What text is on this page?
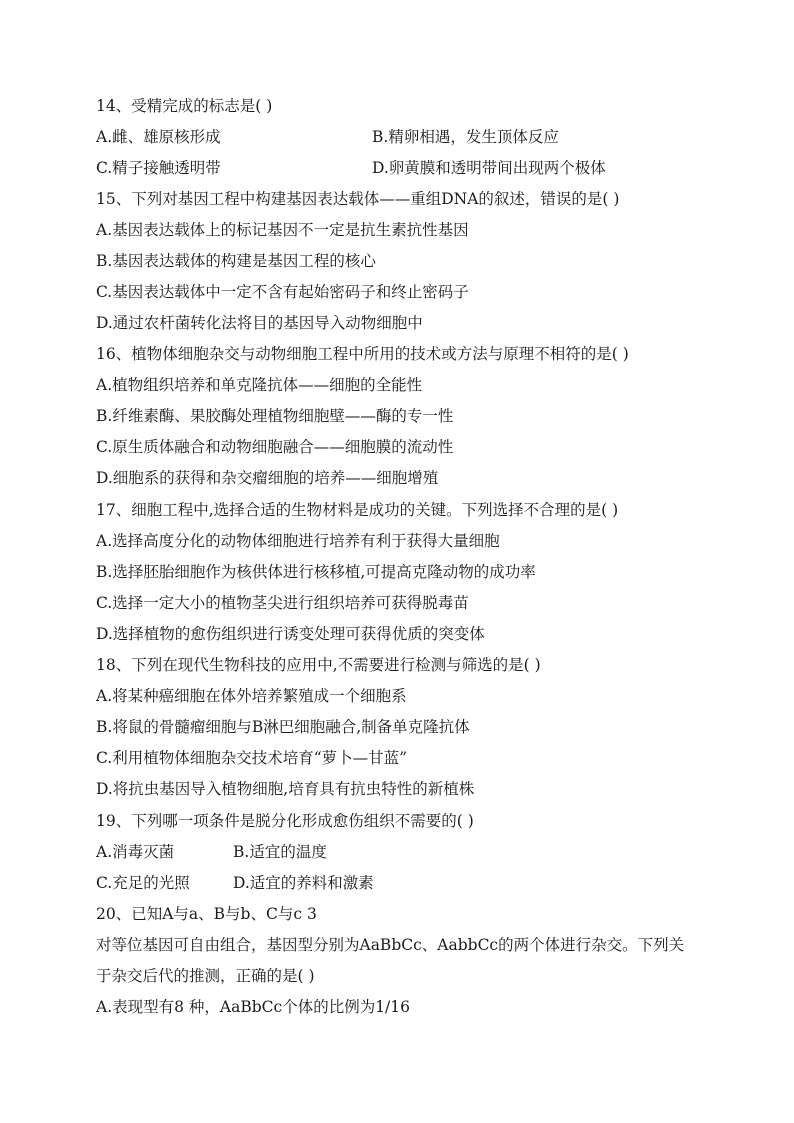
14、受精完成的标志是( )
A.雌、雄原核形成	B.精卵相遇，发生顶体反应
C.精子接触透明带	D.卵黄膜和透明带间出现两个极体
15、下列对基因工程中构建基因表达载体——重组DNA的叙述，错误的是( )
A.基因表达载体上的标记基因不一定是抗生素抗性基因
B.基因表达载体的构建是基因工程的核心
C.基因表达载体中一定不含有起始密码子和终止密码子
D.通过农杆菌转化法将目的基因导入动物细胞中
16、植物体细胞杂交与动物细胞工程中所用的技术或方法与原理不相符的是( )
A.植物组织培养和单克隆抗体——细胞的全能性
B.纤维素酶、果胶酶处理植物细胞壁——酶的专一性
C.原生质体融合和动物细胞融合——细胞膜的流动性
D.细胞系的获得和杂交瘤细胞的培养——细胞增殖
17、细胞工程中,选择合适的生物材料是成功的关键。下列选择不合理的是( )
A.选择高度分化的动物体细胞进行培养有利于获得大量细胞
B.选择胚胎细胞作为核供体进行核移植,可提高克隆动物的成功率
C.选择一定大小的植物茎尖进行组织培养可获得脱毒苗
D.选择植物的愈伤组织进行诱变处理可获得优质的突变体
18、下列在现代生物科技的应用中,不需要进行检测与筛选的是( )
A.将某种癌细胞在体外培养繁殖成一个细胞系
B.将鼠的骨髓瘤细胞与B淋巴细胞融合,制备单克隆抗体
C.利用植物体细胞杂交技术培育“萝卜—甘蓝”
D.将抗虫基因导入植物细胞,培育具有抗虫特性的新植株
19、下列哪一项条件是脱分化形成愈伤组织不需要的( )
A.消毒灭菌	B.适宜的温度
C.充足的光照	D.适宜的养料和激素
20、已知A与a、B与b、C与c 3
对等位基因可自由组合，基因型分别为AaBbCc、AabbCc的两个体进行杂交。下列关
于杂交后代的推测，正确的是( )
A.表现型有8 种，AaBbCc个体的比例为1/16
